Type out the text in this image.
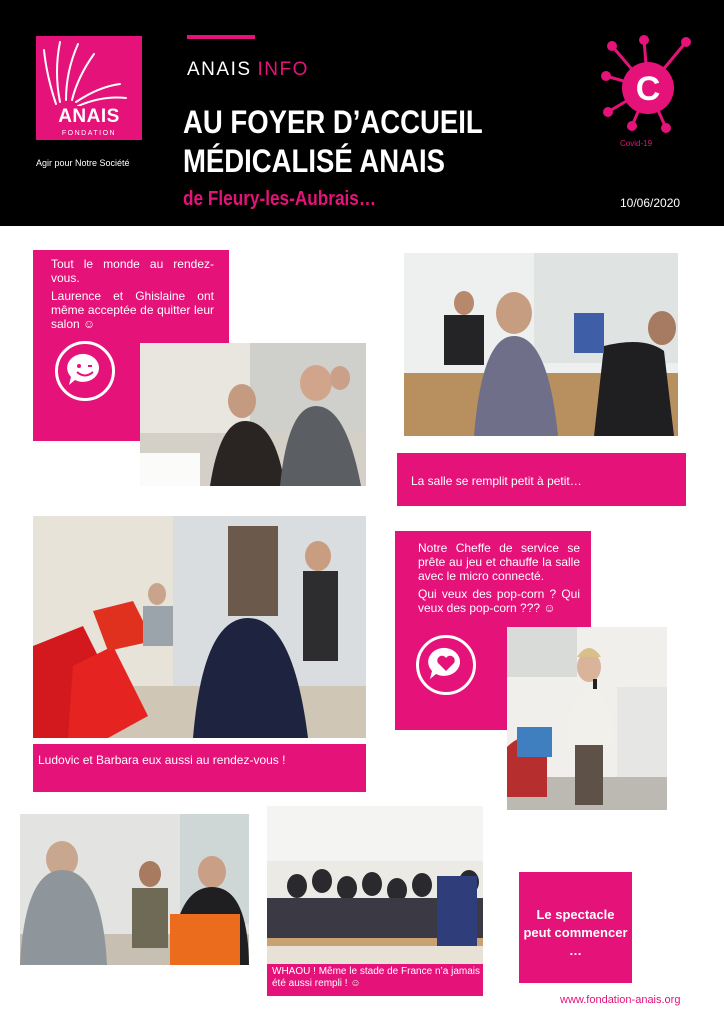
ANAIS
FONDATION
Agir pour Notre Société
ANAIS INFO
AU FOYER D’ACCUEIL
MÉDICALISÉ ANAIS
de Fleury-les-Aubrais…	10/06/2020
C
Covid-19

Tout le monde au rendez-vous.

Laurence et Ghislaine ont même acceptée de quitter leur salon ☺

La salle se remplit petit à petit…
Ludovic et Barbara eux aussi au rendez-vous !

Notre Cheffe de service se prête au jeu et chauffe la salle avec le micro connecté.

Qui veux des pop-corn ? Qui veux des pop-corn ??? ☺

WHAOU ! Même le stade de France n’a jamais été aussi rempli ! ☺
Le spectacle peut commencer …
www.fondation-anais.org
